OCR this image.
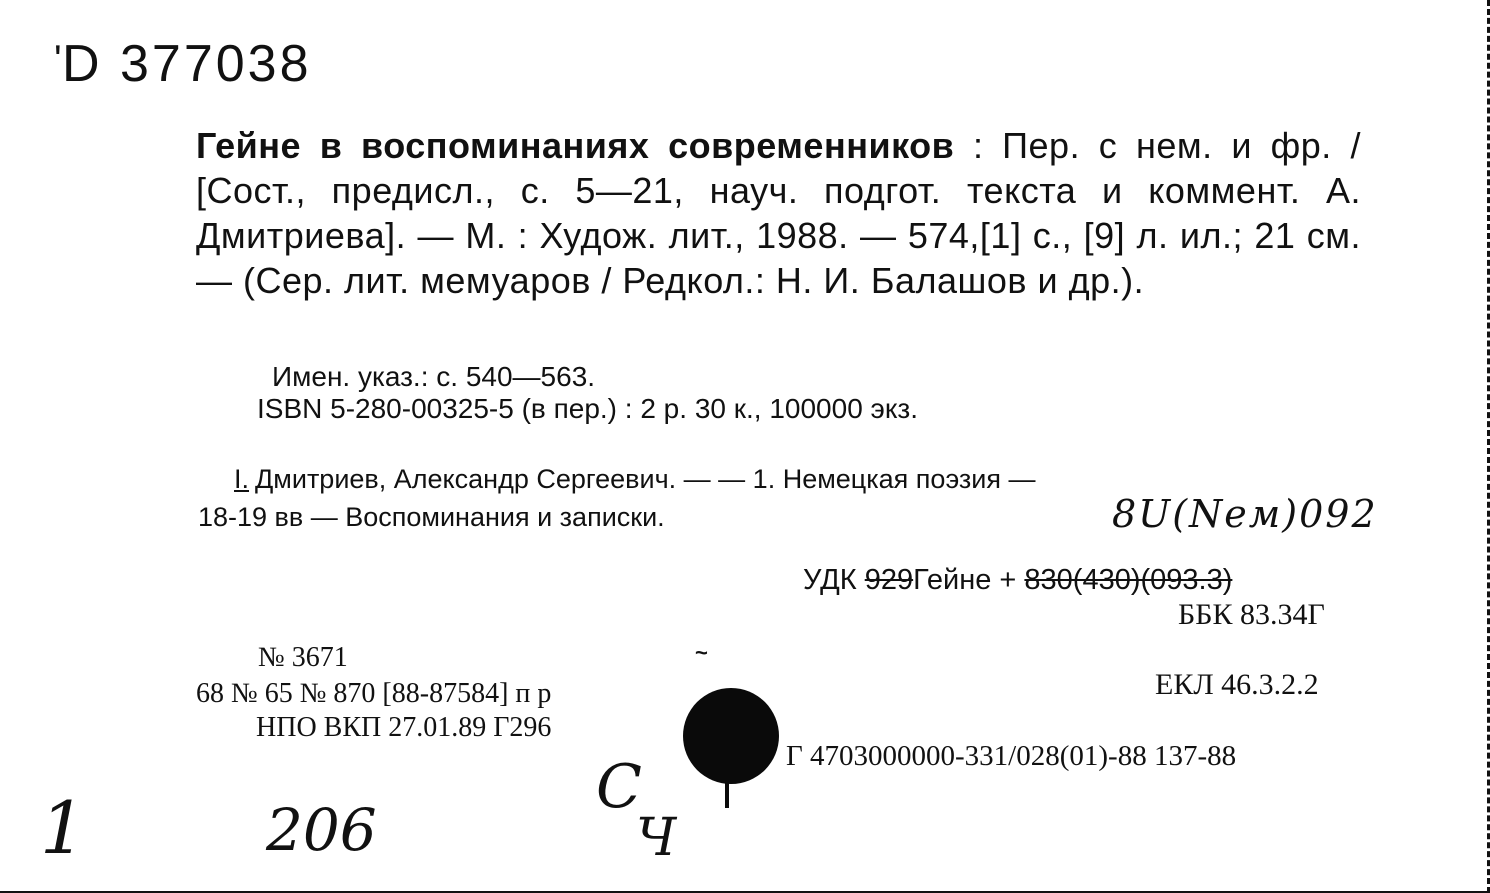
ʹ
D 377038
Гейне в воспоминаниях современников : Пер. с нем. и фр. / [Сост., предисл., с. 5—21, науч. подгот. текста и коммент. А. Дмитриева]. — М. : Худож. лит., 1988. — 574,[1] с., [9] л. ил.; 21 см. — (Сер. лит. мемуаров / Редкол.: Н. И. Балашов и др.).
Имен. указ.: с. 540—563.
ISBN 5-280-00325-5 (в пер.) : 2 р. 30 к., 100000 экз.
I. Дмитриев, Александр Сергеевич. — — 1. Немецкая поэзия —
18-19 вв — Воспоминания и записки.	8U(Neм)092
УДК 929Гейне + 830(430)(093.3)
ББК 83.34Г
ЕКЛ 46.3.2.2
Г 4703000000-331/028(01)-88 137-88
№ 3671
68 № 65 № 870 [88-87584] п р
НПО ВКП 27.01.89 Г296
~
1	206
С
Ч
